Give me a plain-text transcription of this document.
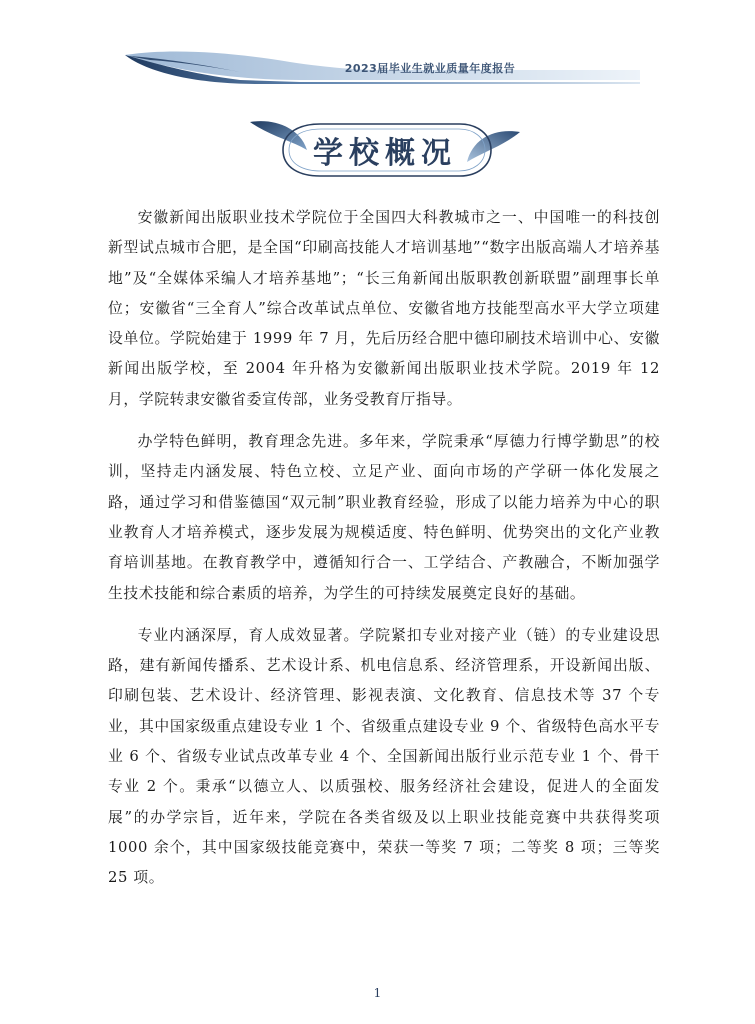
2023届毕业生就业质量年度报告
学校概况

安徽新闻出版职业技术学院位于全国四大科教城市之一、中国唯一的科技创新型试点城市合肥，是全国“印刷高技能人才培训基地”“数字出版高端人才培养基地”及“全媒体采编人才培养基地”；“长三角新闻出版职教创新联盟”副理事长单位；安徽省“三全育人”综合改革试点单位、安徽省地方技能型高水平大学立项建设单位。学院始建于 1999 年 7 月，先后历经合肥中德印刷技术培训中心、安徽新闻出版学校，至 2004 年升格为安徽新闻出版职业技术学院。2019 年 12 月，学院转隶安徽省委宣传部，业务受教育厅指导。

办学特色鲜明，教育理念先进。多年来，学院秉承“厚德力行博学勤思”的校训，坚持走内涵发展、特色立校、立足产业、面向市场的产学研一体化发展之路，通过学习和借鉴德国“双元制”职业教育经验，形成了以能力培养为中心的职业教育人才培养模式，逐步发展为规模适度、特色鲜明、优势突出的文化产业教育培训基地。在教育教学中，遵循知行合一、工学结合、产教融合，不断加强学生技术技能和综合素质的培养，为学生的可持续发展奠定良好的基础。

专业内涵深厚，育人成效显著。学院紧扣专业对接产业（链）的专业建设思路，建有新闻传播系、艺术设计系、机电信息系、经济管理系，开设新闻出版、印刷包装、艺术设计、经济管理、影视表演、文化教育、信息技术等 37 个专业，其中国家级重点建设专业 1 个、省级重点建设专业 9 个、省级特色高水平专业 6 个、省级专业试点改革专业 4 个、全国新闻出版行业示范专业 1 个、骨干专业 2 个。秉承“以德立人、以质强校、服务经济社会建设，促进人的全面发展”的办学宗旨，近年来，学院在各类省级及以上职业技能竞赛中共获得奖项 1000 余个，其中国家级技能竞赛中，荣获一等奖 7 项；二等奖 8 项；三等奖 25 项。

1
